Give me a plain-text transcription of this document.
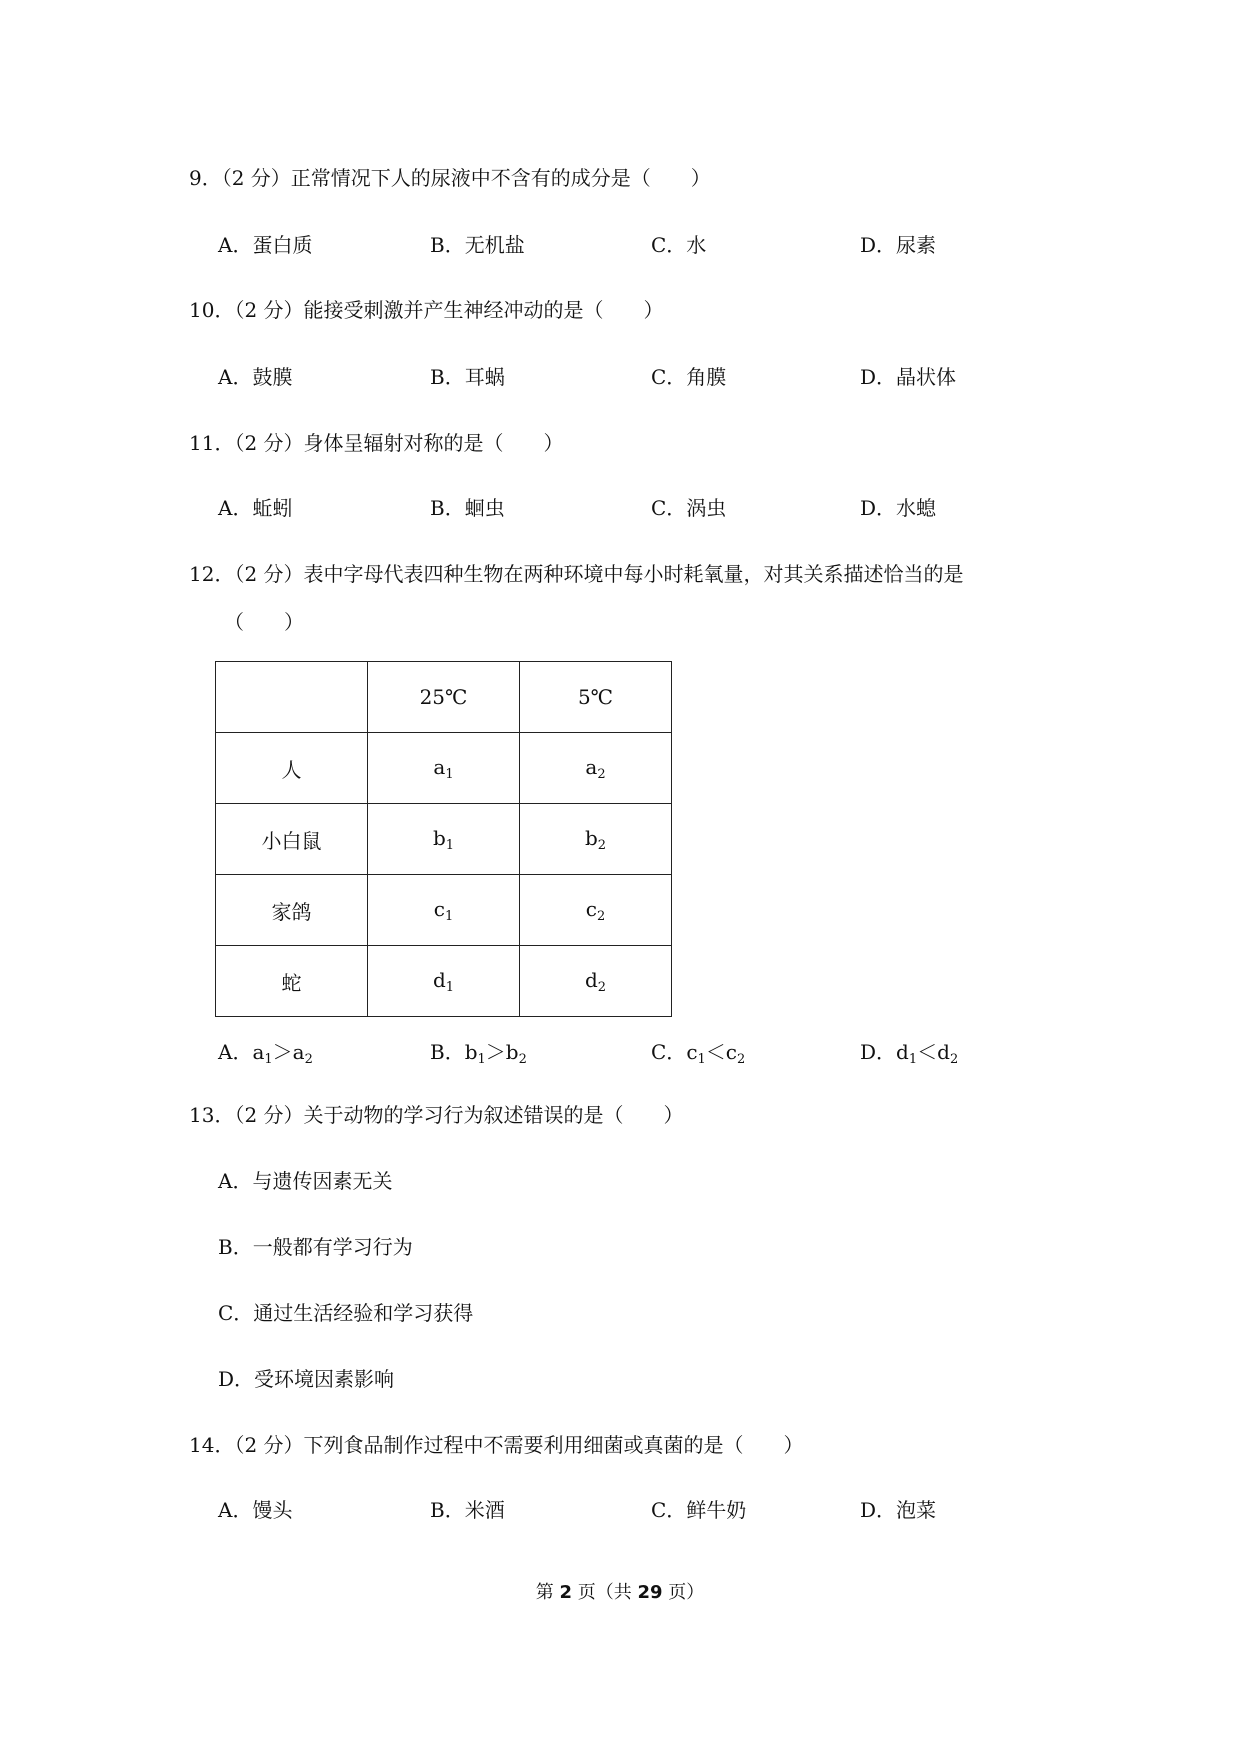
9．（2 分）正常情况下人的尿液中不含有的成分是（　　）
A．蛋白质	B．无机盐	C．水	D．尿素
10．（2 分）能接受刺激并产生神经冲动的是（　　）
A．鼓膜	B．耳蜗	C．角膜	D．晶状体
11．（2 分）身体呈辐射对称的是（　　）
A．蚯蚓	B．蛔虫	C．涡虫	D．水螅
12．（2 分）表中字母代表四种生物在两种环境中每小时耗氧量，对其关系描述恰当的是
（　　）
	25℃	5℃
人	$a_1$	$a_2$
小白鼠	$b_1$	$b_2$
家鸽	$c_1$	$c_2$
蛇	$d_1$	$d_2$
A．$a_1>a_2$	B．$b_1>b_2$	C．$c_1<c_2$	D．$d_1<d_2$
13．（2 分）关于动物的学习行为叙述错误的是（　　）
A．与遗传因素无关
B．一般都有学习行为
C．通过生活经验和学习获得
D．受环境因素影响
14．（2 分）下列食品制作过程中不需要利用细菌或真菌的是（　　）
A．馒头	B．米酒	C．鲜牛奶	D．泡菜
第 2 页（共 29 页）
